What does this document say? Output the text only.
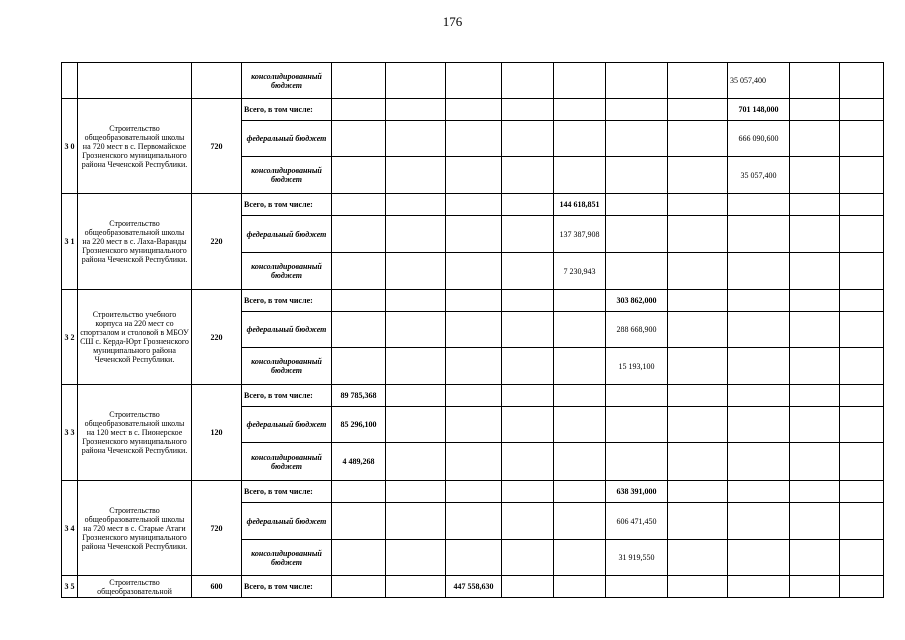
176
			консолидированный бюджет								35 057,400		
3 0	Строительство общеобразовательной школы на 720 мест в с. Первомайское Грозненского муниципального района Чеченской Республики.	720	Всего, в том числе:								701 148,000		
			федеральный бюджет								666 090,600		
			консолидированный бюджет								35 057,400		
3 1	Строительство общеобразовательной школы на 220 мест в с. Лаха-Варанды Грозненского муниципального района Чеченской Республики.	220	Всего, в том числе:					144 618,851					
			федеральный бюджет					137 387,908					
			консолидированный бюджет					7 230,943					
3 2	Строительство учебного корпуса на 220 мест со спортзалом и столовой в МБОУ СШ с. Керда-Юрт Грозненского муниципального района Чеченской Республики.	220	Всего, в том числе:						303 862,000				
			федеральный бюджет						288 668,900				
			консолидированный бюджет						15 193,100				
3 3	Строительство общеобразовательной школы на 120 мест в с. Пионерское Грозненского муниципального района Чеченской Республики.	120	Всего, в том числе:	89 785,368									
			федеральный бюджет	85 296,100									
			консолидированный бюджет	4 489,268									
3 4	Строительство общеобразовательной школы на 720 мест в с. Старые Атаги Грозненского муниципального района Чеченской Республики.	720	Всего, в том числе:						638 391,000				
			федеральный бюджет						606 471,450				
			консолидированный бюджет						31 919,550				
3 5	Строительство общеобразовательной	600	Всего, в том числе:			447 558,630							
